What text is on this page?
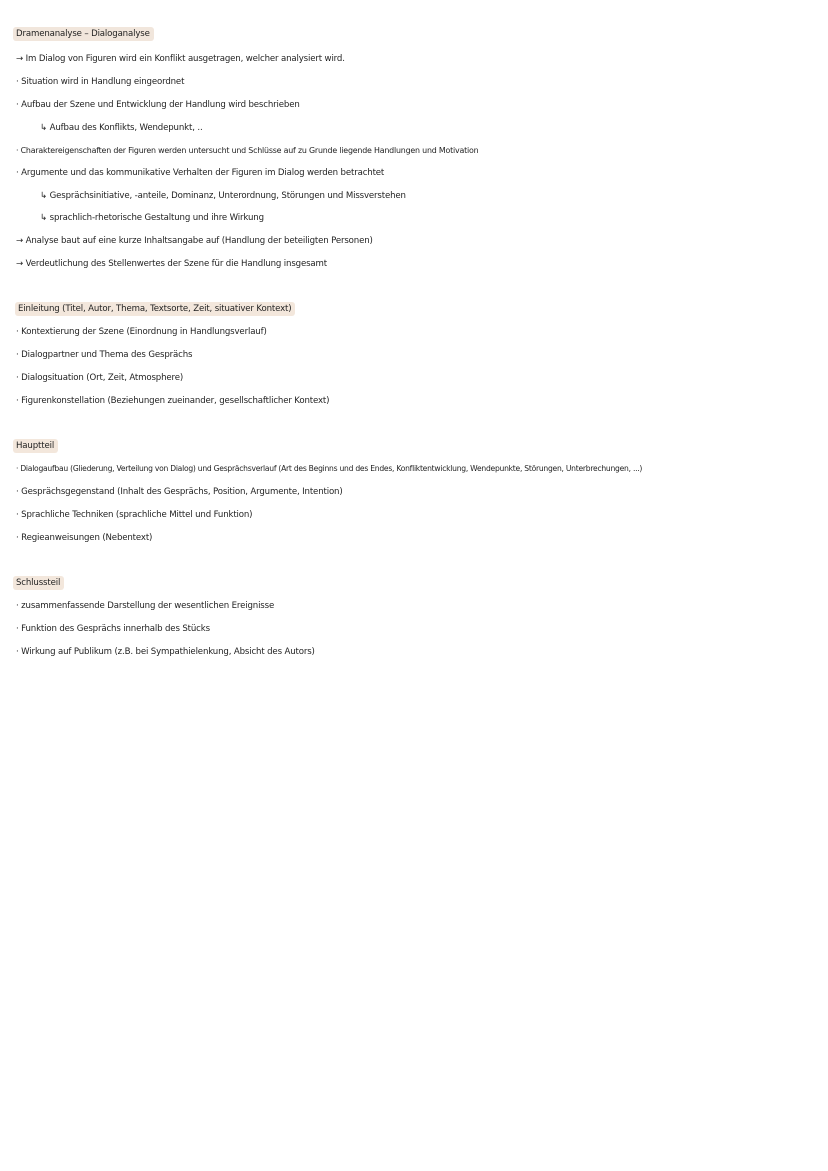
Dramenanalyse – Dialoganalyse
→ Im Dialog von Figuren wird ein Konflikt ausgetragen, welcher analysiert wird.
· Situation wird in Handlung eingeordnet
· Aufbau der Szene und Entwicklung der Handlung wird beschrieben
↳ Aufbau des Konflikts, Wendepunkt, ..
· Charaktereigenschaften der Figuren werden untersucht und Schlüsse auf zu Grunde liegende Handlungen und Motivation
· Argumente und das kommunikative Verhalten der Figuren im Dialog werden betrachtet
↳ Gesprächsinitiative, -anteile, Dominanz, Unterordnung, Störungen und Missverstehen
↳ sprachlich-rhetorische Gestaltung und ihre Wirkung
→ Analyse baut auf eine kurze Inhaltsangabe auf (Handlung der beteiligten Personen)
→ Verdeutlichung des Stellenwertes der Szene für die Handlung insgesamt
Einleitung (Titel, Autor, Thema, Textsorte, Zeit, situativer Kontext)
· Kontextierung der Szene (Einordnung in Handlungsverlauf)
· Dialogpartner und Thema des Gesprächs
· Dialogsituation (Ort, Zeit, Atmosphere)
· Figurenkonstellation (Beziehungen zueinander, gesellschaftlicher Kontext)
Hauptteil
· Dialogaufbau (Gliederung, Verteilung von Dialog) und Gesprächsverlauf (Art des Beginns und des Endes, Konfliktentwicklung, Wendepunkte, Störungen, Unterbrechungen, ...)
· Gesprächsgegenstand (Inhalt des Gesprächs, Position, Argumente, Intention)
· Sprachliche Techniken (sprachliche Mittel und Funktion)
· Regieanweisungen (Nebentext)
Schlussteil
· zusammenfassende Darstellung der wesentlichen Ereignisse
· Funktion des Gesprächs innerhalb des Stücks
· Wirkung auf Publikum (z.B. bei Sympathielenkung, Absicht des Autors)
